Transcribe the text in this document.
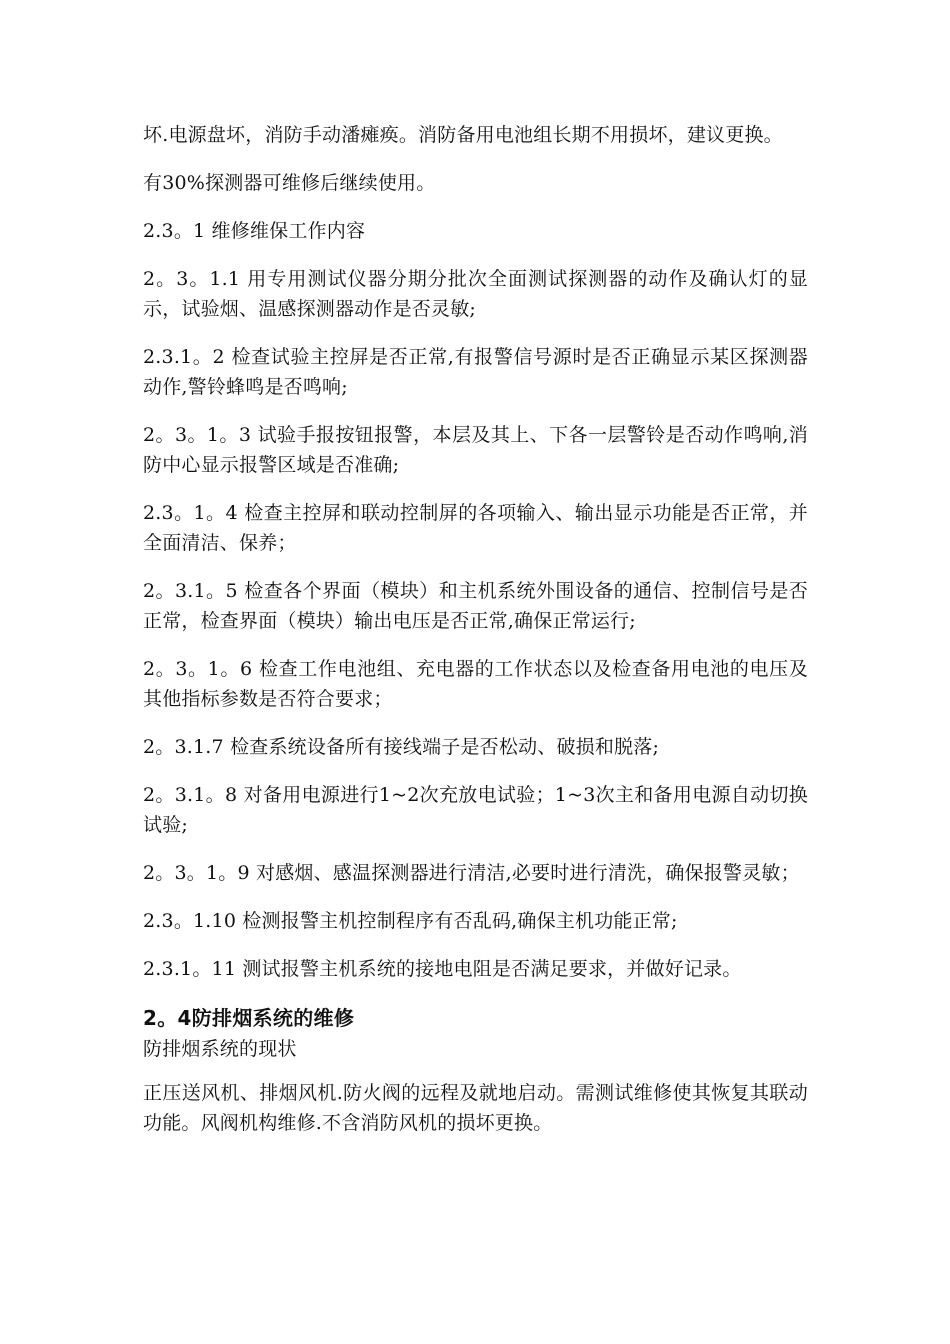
坏.电源盘坏，消防手动潘瘫痪。消防备用电池组长期不用损坏，建议更换。

有30%探测器可维修后继续使用。

2.3。1 维修维保工作内容

2。3。1.1 用专用测试仪器分期分批次全面测试探测器的动作及确认灯的显示，试验烟、温感探测器动作是否灵敏;

2.3.1。2 检查试验主控屏是否正常,有报警信号源时是否正确显示某区探测器动作,警铃蜂鸣是否鸣响;

2。3。1。3 试验手报按钮报警，本层及其上、下各一层警铃是否动作鸣响,消防中心显示报警区域是否准确;

2.3。1。4 检查主控屏和联动控制屏的各项输入、输出显示功能是否正常，并全面清洁、保养；

2。3.1。5 检查各个界面（模块）和主机系统外围设备的通信、控制信号是否正常，检查界面（模块）输出电压是否正常,确保正常运行;

2。3。1。6 检查工作电池组、充电器的工作状态以及检查备用电池的电压及其他指标参数是否符合要求；

2。3.1.7 检查系统设备所有接线端子是否松动、破损和脱落;

2。3.1。8 对备用电源进行1~2次充放电试验；1~3次主和备用电源自动切换试验;

2。3。1。9 对感烟、感温探测器进行清洁,必要时进行清洗，确保报警灵敏；

2.3。1.10 检测报警主机控制程序有否乱码,确保主机功能正常;

2.3.1。11 测试报警主机系统的接地电阻是否满足要求，并做好记录。

2。4防排烟系统的维修

防排烟系统的现状

正压送风机、排烟风机.防火阀的远程及就地启动。需测试维修使其恢复其联动功能。风阀机构维修.不含消防风机的损坏更换。
